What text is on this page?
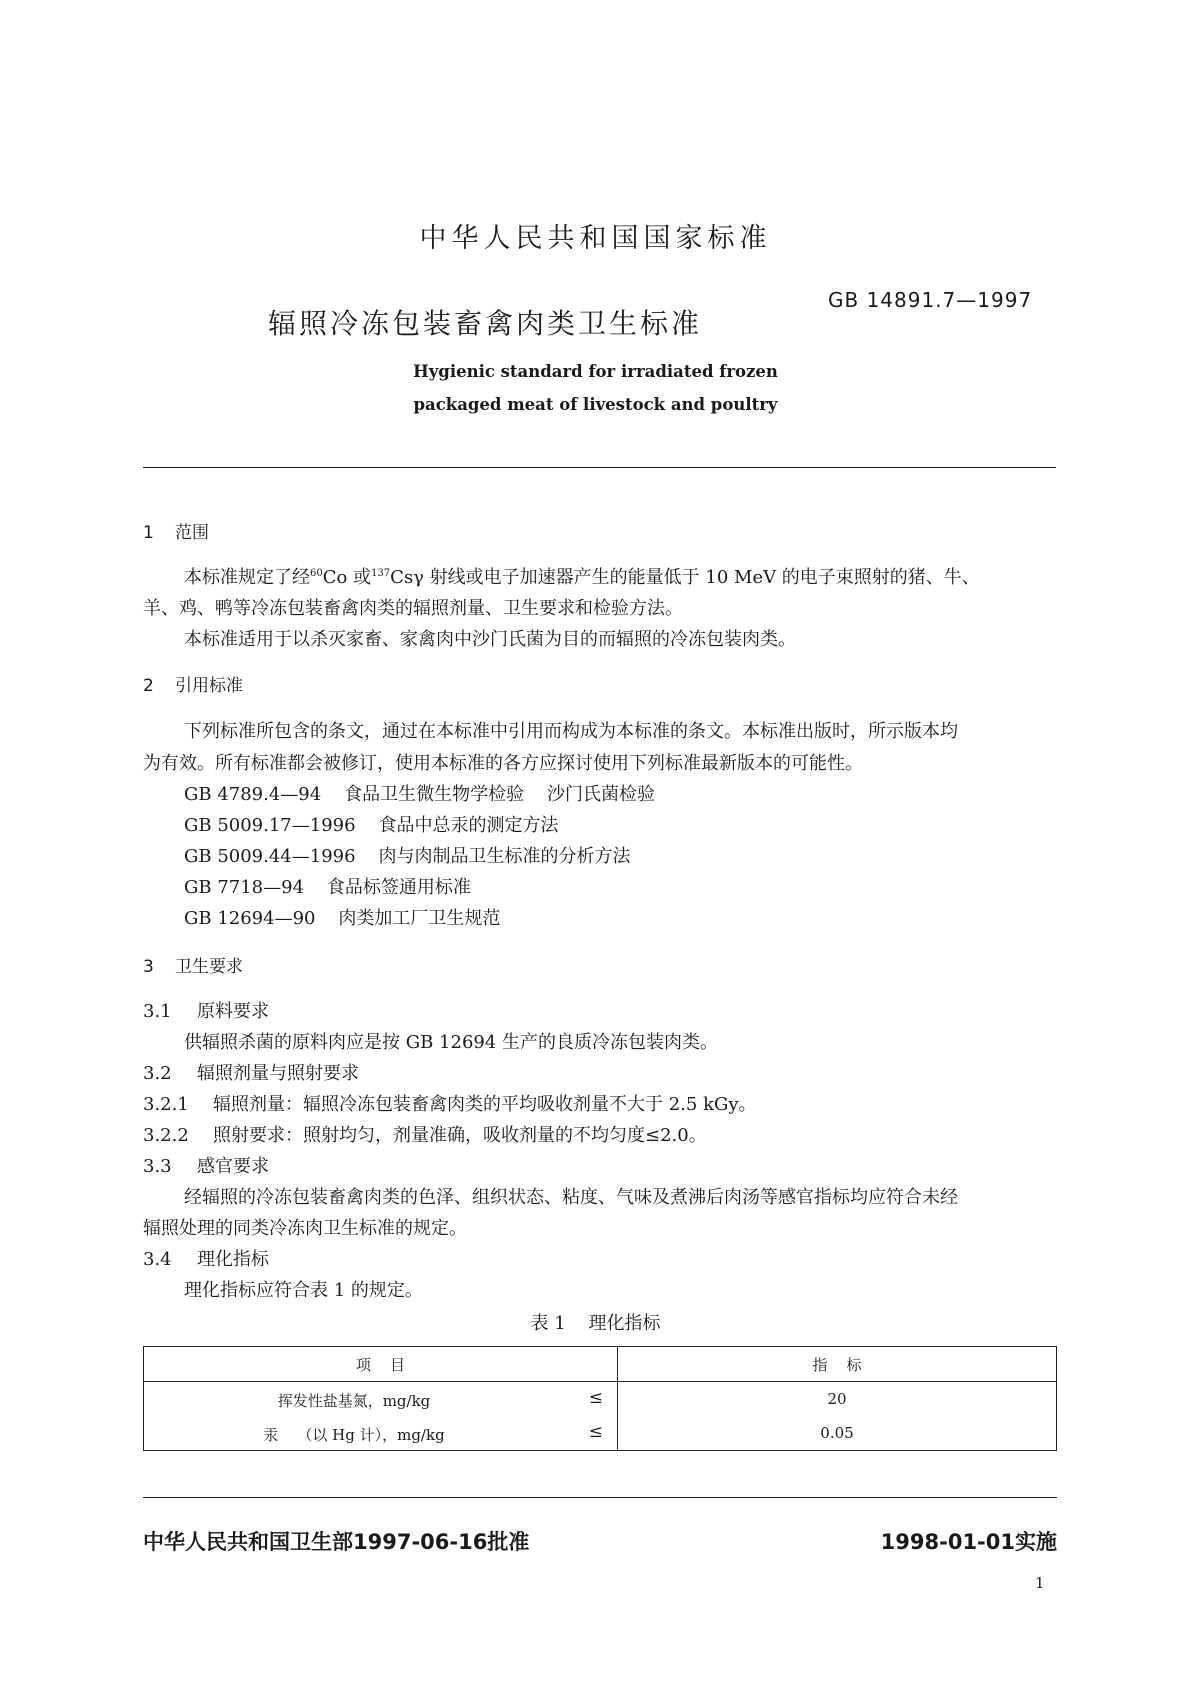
中华人民共和国国家标准
辐照冷冻包装畜禽肉类卫生标准
GB 14891.7—1997
Hygienic standard for irradiated frozen
packaged meat of livestock and poultry
1 范围
本标准规定了经$^{60}$Co 或$^{137}$Csγ 射线或电子加速器产生的能量低于 10 MeV 的电子束照射的猪、牛、
羊、鸡、鸭等冷冻包装畜禽肉类的辐照剂量、卫生要求和检验方法。
本标准适用于以杀灭家畜、家禽肉中沙门氏菌为目的而辐照的冷冻包装肉类。
2 引用标准
下列标准所包含的条文，通过在本标准中引用而构成为本标准的条文。本标准出版时，所示版本均
为有效。所有标准都会被修订，使用本标准的各方应探讨使用下列标准最新版本的可能性。
GB 4789.4—94    食品卫生微生物学检验    沙门氏菌检验
GB 5009.17—1996    食品中总汞的测定方法
GB 5009.44—1996    肉与肉制品卫生标准的分析方法
GB 7718—94    食品标签通用标准
GB 12694—90    肉类加工厂卫生规范
3 卫生要求
3.1 原料要求
供辐照杀菌的原料肉应是按 GB 12694 生产的良质冷冻包装肉类。
3.2 辐照剂量与照射要求
3.2.1 辐照剂量：辐照冷冻包装畜禽肉类的平均吸收剂量不大于 2.5 kGy。
3.2.2 照射要求：照射均匀，剂量准确，吸收剂量的不均匀度≤2.0。
3.3 感官要求
经辐照的冷冻包装畜禽肉类的色泽、组织状态、粘度、气味及煮沸后肉汤等感官指标均应符合未经
辐照处理的同类冷冻肉卫生标准的规定。
3.4 理化指标
理化指标应符合表 1 的规定。
表 1    理化指标
项    目	指    标

挥发性盐基氮，mg/kg ≤	20

汞    （以 Hg 计），mg/kg ≤	0.05
中华人民共和国卫生部1997-06-16批准	1998-01-01实施
1
